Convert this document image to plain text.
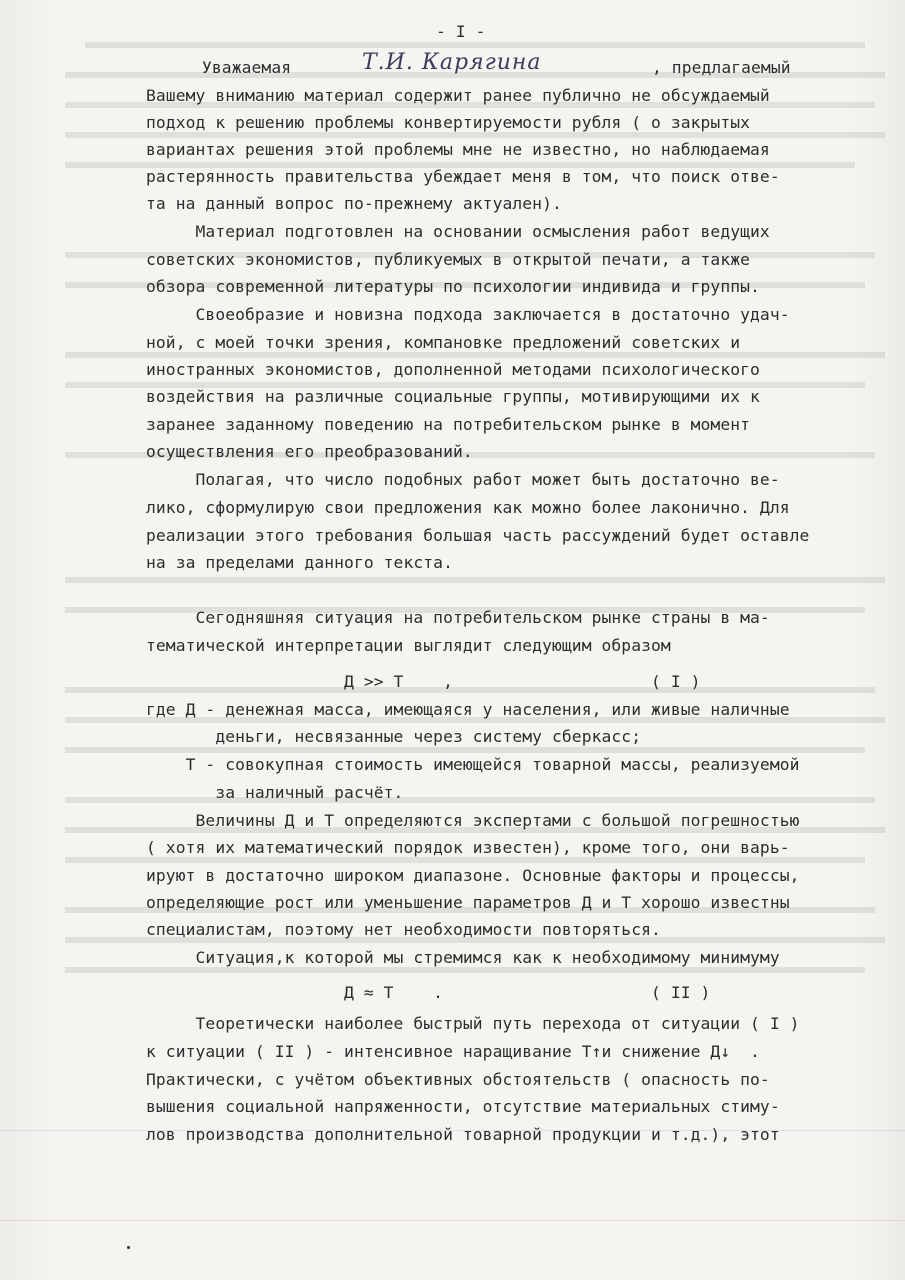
- I -
Уважаемая	Т.И. Карягина	, предлагаемый
Вашему вниманию материал содержит ранее публично не обсуждаемый
подход к решению проблемы конвертируемости рубля ( о закрытых
вариантах решения этой проблемы мне не известно, но наблюдаемая
растерянность правительства убеждает меня в том, что поиск отве-
та на данный вопрос по-прежнему актуален).
Материал подготовлен на основании осмысления работ ведущих
советских экономистов, публикуемых в открытой печати, а также
обзора современной литературы по психологии индивида и группы.
Своеобразие и новизна подхода заключается в достаточно удач-
ной, с моей точки зрения, компановке предложений советских и
иностранных экономистов, дополненной методами психологического
воздействия на различные социальные группы, мотивирующими их к
заранее заданному поведению на потребительском рынке в момент
осуществления его преобразований.
Полагая, что число подобных работ может быть достаточно ве-
лико, сформулирую свои предложения как можно более лаконично. Для
реализации этого требования большая часть рассуждений будет оставле
на за пределами данного текста.
Сегодняшняя ситуация на потребительском рынке страны в ма-
тематической интерпретации выглядит следующим образом
Д >> Т    ,                    ( I )
где Д - денежная масса, имеющаяся у населения, или живые наличные
деньги, несвязанные через систему сберкасс;
Т - совокупная стоимость имеющейся товарной массы, реализуемой
за наличный расчёт.
Величины Д и Т определяются экспертами с большой погрешностью
( хотя их математический порядок известен), кроме того, они варь-
ируют в достаточно широком диапазоне. Основные факторы и процессы,
определяющие рост или уменьшение параметров Д и Т хорошо известны
специалистам, поэтому нет необходимости повторяться.
Ситуация,к которой мы стремимся как к необходимому минимуму
Д ≈ Т    .                     ( II )
Теоретически наиболее быстрый путь перехода от ситуации ( I )
к ситуации ( II ) - интенсивное наращивание Т↑и снижение Д↓  .
Практически, с учётом объективных обстоятельств ( опасность по-
вышения социальной напряженности, отсутствие материальных стиму-
лов производства дополнительной товарной продукции и т.д.), этот
